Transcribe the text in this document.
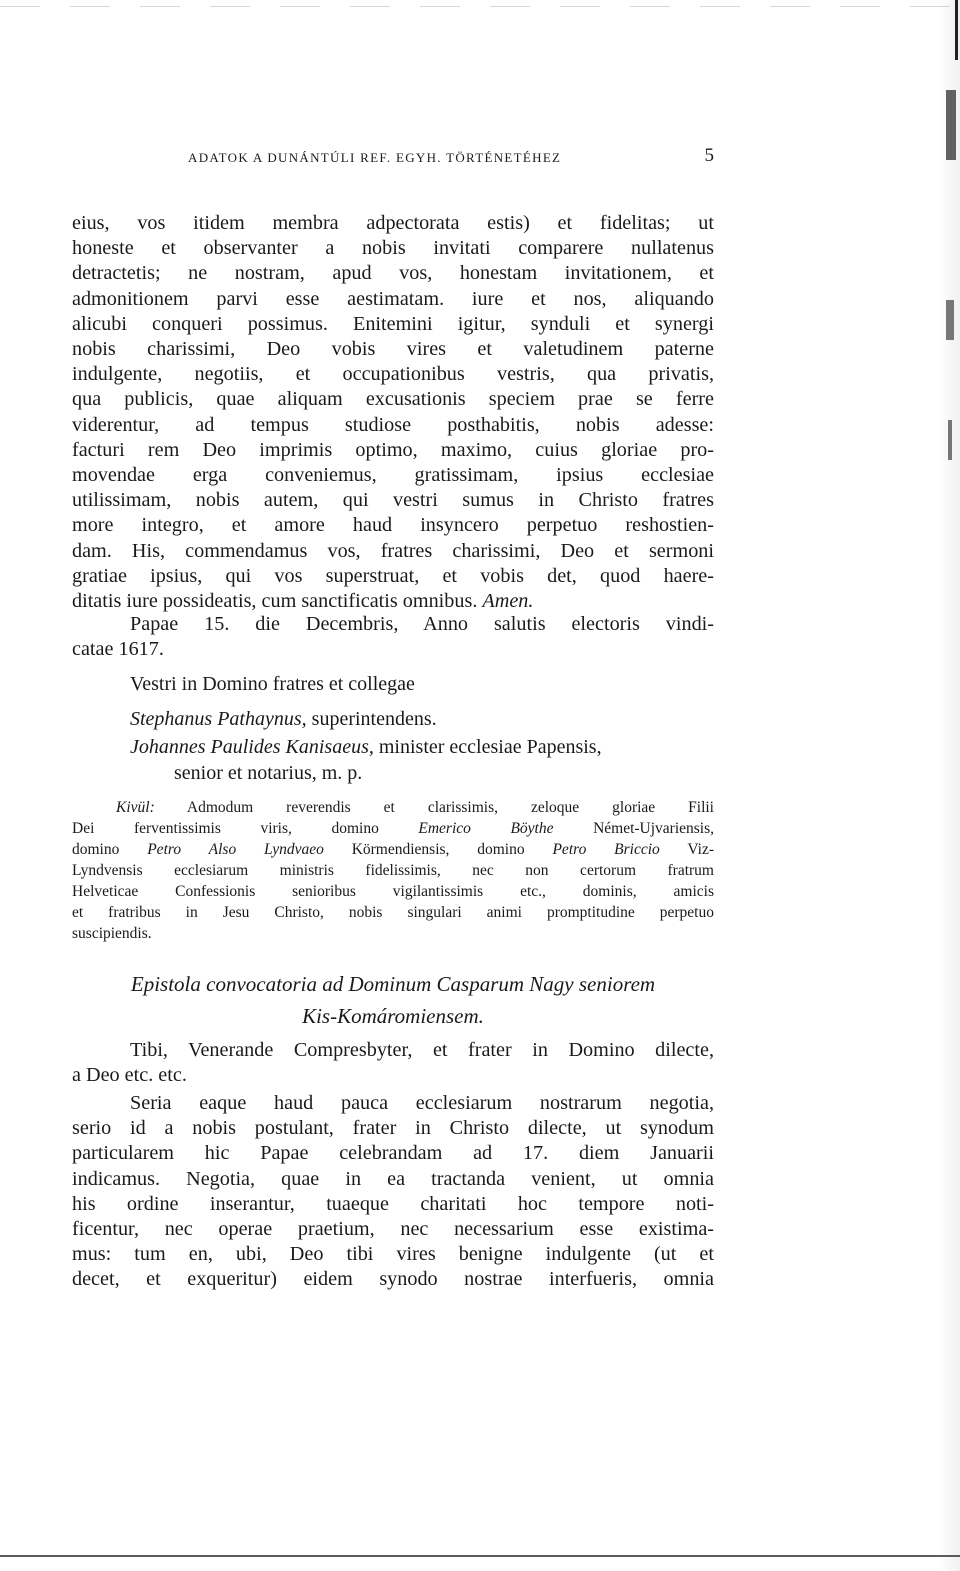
ADATOK A DUNÁNTÚLI REF. EGYH. TÖRTÉNETÉHEZ	5
eius, vos itidem membra adpectorata estis) et fidelitas; ut
honeste et observanter a nobis invitati comparere nullatenus
detractetis; ne nostram, apud vos, honestam invitationem, et
admonitionem parvi esse aestimatam. iure et nos, aliquando
alicubi conqueri possimus. Enitemini igitur, synduli et synergi
nobis charissimi, Deo vobis vires et valetudinem paterne
indulgente, negotiis, et occupationibus vestris, qua privatis,
qua publicis, quae aliquam excusationis speciem prae se ferre
viderentur, ad tempus studiose posthabitis, nobis adesse:
facturi rem Deo imprimis optimo, maximo, cuius gloriae pro-
movendae erga conveniemus, gratissimam, ipsius ecclesiae
utilissimam, nobis autem, qui vestri sumus in Christo fratres
more integro, et amore haud insyncero perpetuo reshostien-
dam. His, commendamus vos, fratres charissimi, Deo et sermoni
gratiae ipsius, qui vos superstruat, et vobis det, quod haere-
ditatis iure possideatis, cum sanctificatis omnibus. Amen.
Papae 15. die Decembris, Anno salutis electoris vindi-
catae 1617.
Vestri in Domino fratres et collegae
Stephanus Pathaynus, superintendens.
Johannes Paulides Kanisaeus, minister ecclesiae Papensis,
senior et notarius, m. p.
Kivül: Admodum reverendis et clarissimis, zeloque gloriae Filii
Dei ferventissimis viris, domino	Emerico Böythe	Német-Ujvariensis,
domino Petro Also Lyndvaeo Körmendiensis, domino Petro Briccio Viz-
Lyndvensis ecclesiarum ministris fidelissimis, nec non certorum fratrum
Helveticae Confessionis senioribus vigilantissimis etc., dominis, amicis
et fratribus in Jesu Christo, nobis singulari animi promptitudine perpetuo
suscipiendis.
Epistola convocatoria ad Dominum Casparum Nagy seniorem
Kis-Komáromiensem.
Tibi, Venerande Compresbyter, et frater in Domino dilecte,
a Deo etc. etc.
Seria eaque haud pauca ecclesiarum nostrarum negotia,
serio id a nobis postulant, frater in Christo dilecte, ut synodum
particularem hic Papae celebrandam ad 17. diem Januarii
indicamus. Negotia, quae in ea tractanda venient, ut omnia
his ordine inserantur, tuaeque charitati hoc tempore noti-
ficentur, nec operae praetium, nec necessarium esse existima-
mus: tum en, ubi, Deo tibi vires benigne indulgente (ut et
decet, et exqueritur) eidem synodo nostrae interfueris, omnia
